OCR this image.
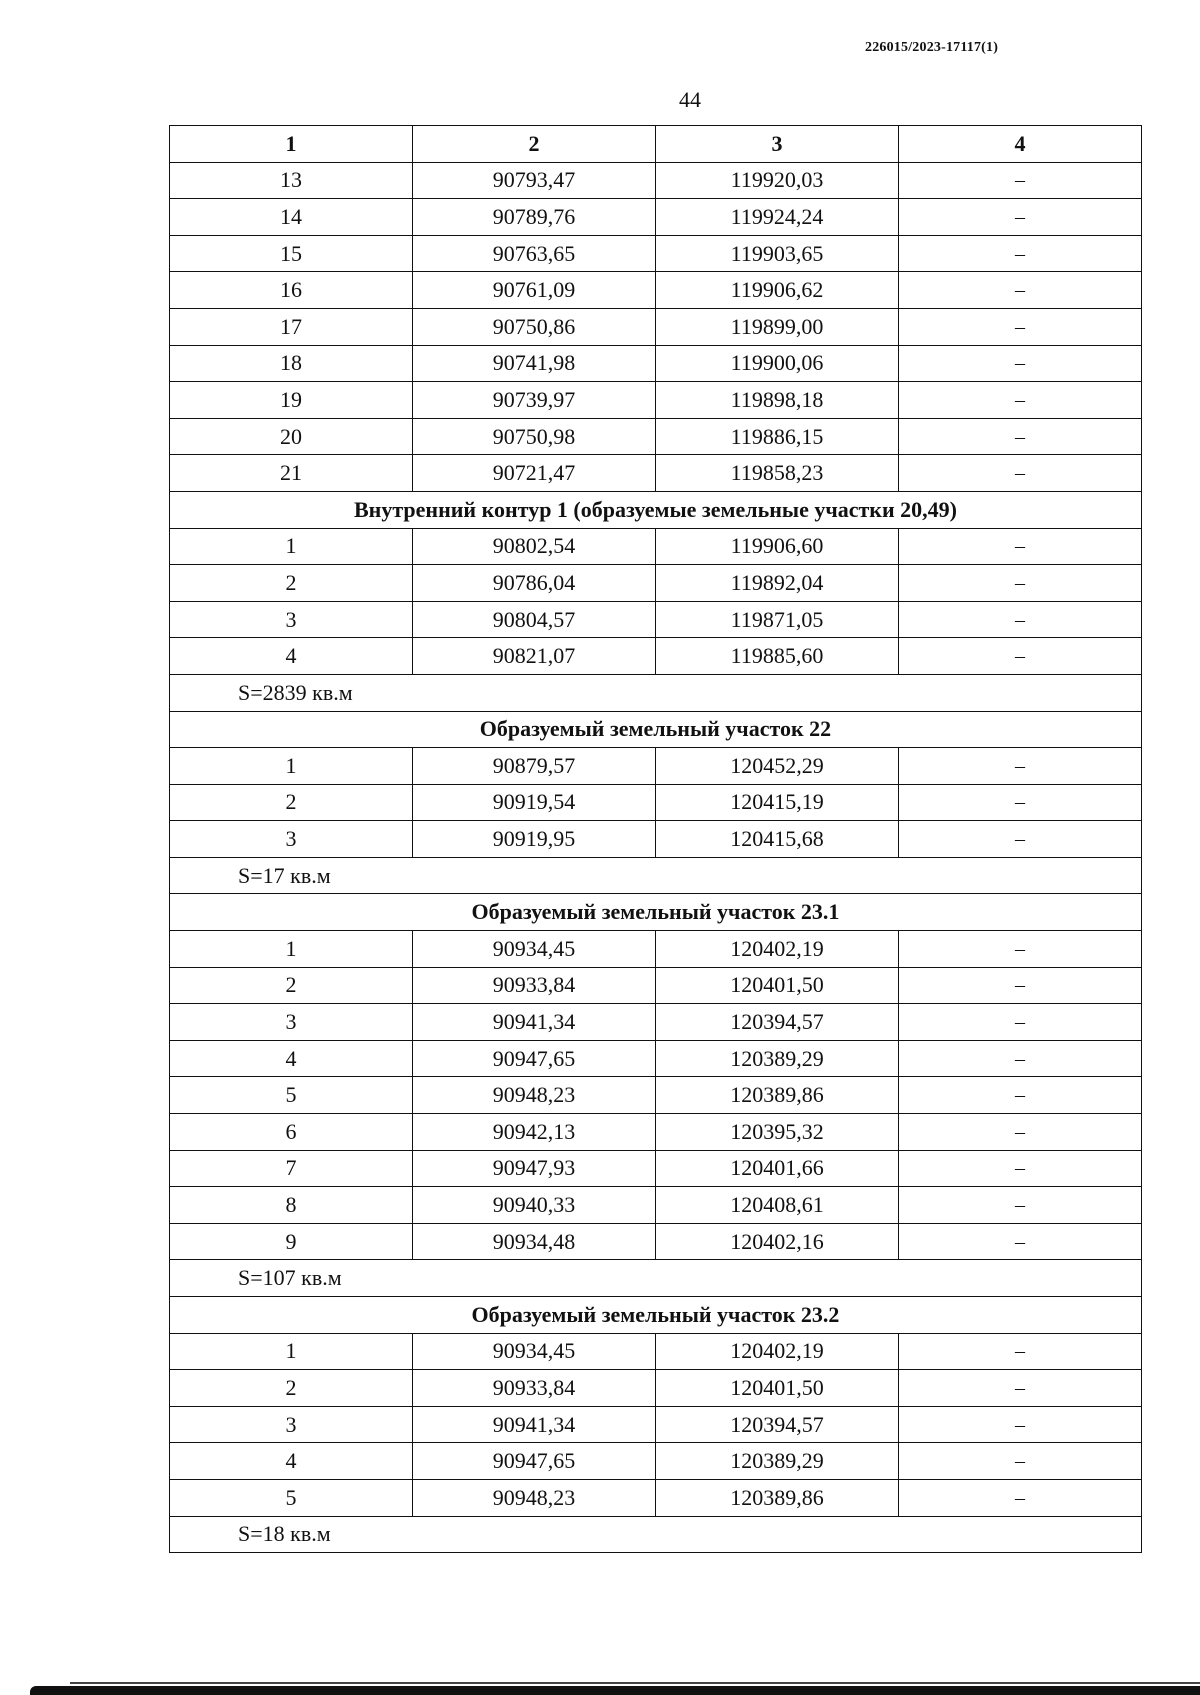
226015/2023-17117(1)
44
1	2	3	4
13	90793,47	119920,03	–
14	90789,76	119924,24	–
15	90763,65	119903,65	–
16	90761,09	119906,62	–
17	90750,86	119899,00	–
18	90741,98	119900,06	–
19	90739,97	119898,18	–
20	90750,98	119886,15	–
21	90721,47	119858,23	–
Внутренний контур 1 (образуемые земельные участки 20,49)			
1	90802,54	119906,60	–
2	90786,04	119892,04	–
3	90804,57	119871,05	–
4	90821,07	119885,60	–
S=2839 кв.м			
Образуемый земельный участок 22			
1	90879,57	120452,29	–
2	90919,54	120415,19	–
3	90919,95	120415,68	–
S=17 кв.м			
Образуемый земельный участок 23.1			
1	90934,45	120402,19	–
2	90933,84	120401,50	–
3	90941,34	120394,57	–
4	90947,65	120389,29	–
5	90948,23	120389,86	–
6	90942,13	120395,32	–
7	90947,93	120401,66	–
8	90940,33	120408,61	–
9	90934,48	120402,16	–
S=107 кв.м			
Образуемый земельный участок 23.2			
1	90934,45	120402,19	–
2	90933,84	120401,50	–
3	90941,34	120394,57	–
4	90947,65	120389,29	–
5	90948,23	120389,86	–
S=18 кв.м			
